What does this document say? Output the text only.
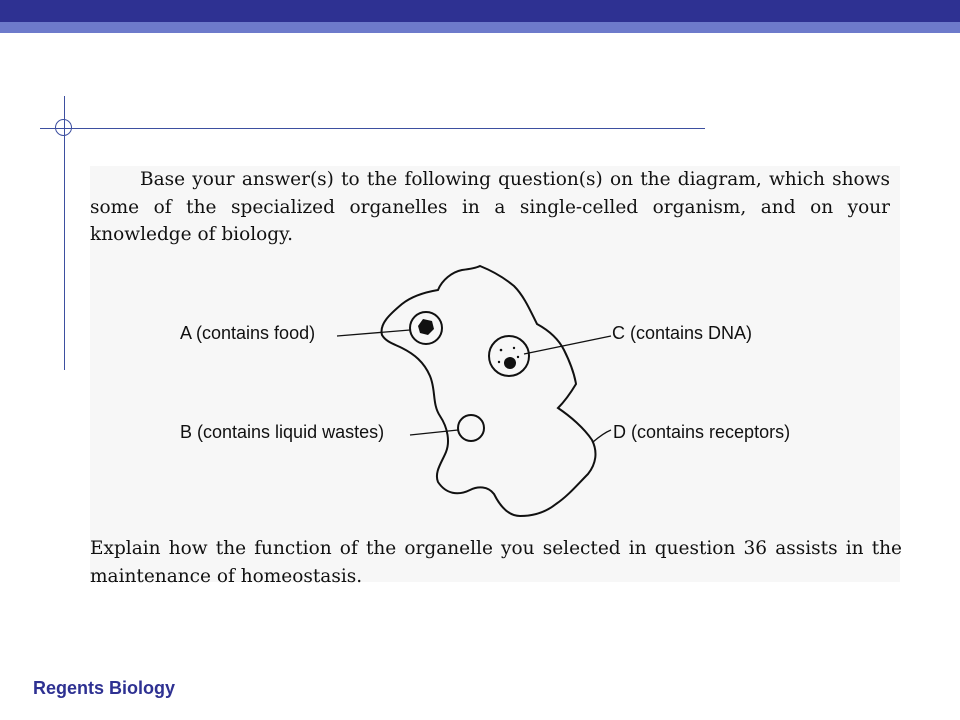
Base your answer(s) to the following question(s) on the diagram, which shows some of the specialized organelles in a single-celled organism, and on your knowledge of biology.
A (contains food)
B (contains liquid wastes)
C (contains DNA)
D (contains receptors)
Explain how the function of the organelle you selected in question 36 assists in the maintenance of homeostasis.
Regents Biology
